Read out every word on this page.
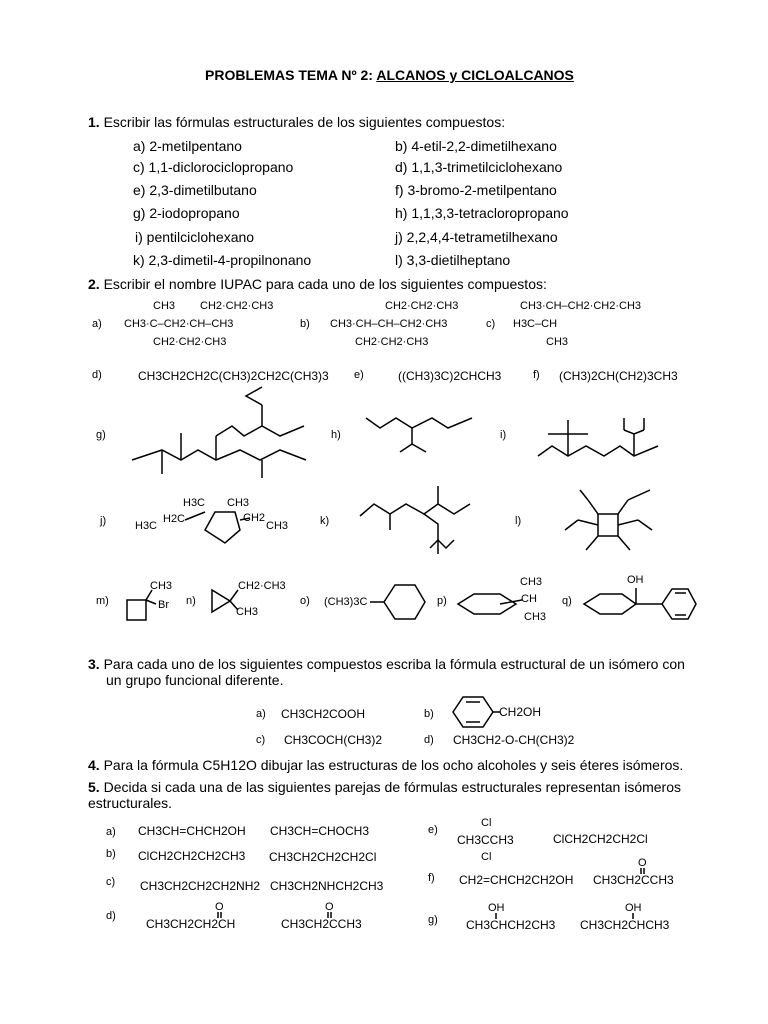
PROBLEMAS TEMA Nº 2: ALCANOS y CICLOALCANOS
1. Escribir las fórmulas estructurales de los siguientes compuestos:
a) 2-metilpentano	b) 4-etil-2,2-dimetilhexano
c) 1,1-diclorociclopropano	d) 1,1,3-trimetilciclohexano
e) 2,3-dimetilbutano	f) 3-bromo-2-metilpentano
g) 2-iodopropano	h) 1,1,3,3-tetracloropropano
i) pentilciclohexano	j) 2,2,4,4-tetrametilhexano
k) 2,3-dimetil-4-propilnonano	l) 3,3-dietilheptano
2. Escribir el nombre IUPAC para cada uno de los siguientes compuestos:
a)
CH3 CH2·CH2·CH3
CH3·C–CH2·CH–CH3
CH2·CH2·CH3
b)
CH2·CH2·CH3
CH3·CH–CH–CH2·CH3
CH2·CH2·CH3
c)
CH3·CH–CH2·CH2·CH3
H3C–CH
CH3
d)	CH3CH2CH2C(CH3)2CH2C(CH3)3 e)	((CH3)3C)2CHCH3	f) (CH3)2CH(CH2)3CH3
g)	h)	i)
j)
H3C CH3
H3C
H2C	CH2
CH3	k)	l)
m)
CH3
Br n)
CH2·CH3
CH3
o) (CH3)3C	p)
CH3
CH
CH3
q)
OH
3. Para cada uno de los siguientes compuestos escriba la fórmula estructural de un isómero con
un grupo funcional diferente.
a) CH3CH2COOH	b)	CH2OH
c) CH3COCH(CH3)2	d) CH3CH2-O-CH(CH3)2
4. Para la fórmula C5H12O dibujar las estructuras de los ocho alcoholes y seis éteres isómeros.
5. Decida si cada una de las siguientes parejas de fórmulas estructurales representan isómeros
estructurales.
a) CH3CH=CHCH2OH CH3CH=CHOCH3
b) ClCH2CH2CH2CH3 CH3CH2CH2CH2Cl
c) CH3CH2CH2CH2NH2 CH3CH2NHCH2CH3
d)
O
CH3CH2CH2CH
O
CH3CH2CCH3
e)
Cl
CH3CCH3
Cl
ClCH2CH2CH2Cl
f) CH2=CHCH2CH2OH
O
CH3CH2CCH3
g)
OH
CH3CHCH2CH3
OH
CH3CH2CHCH3
